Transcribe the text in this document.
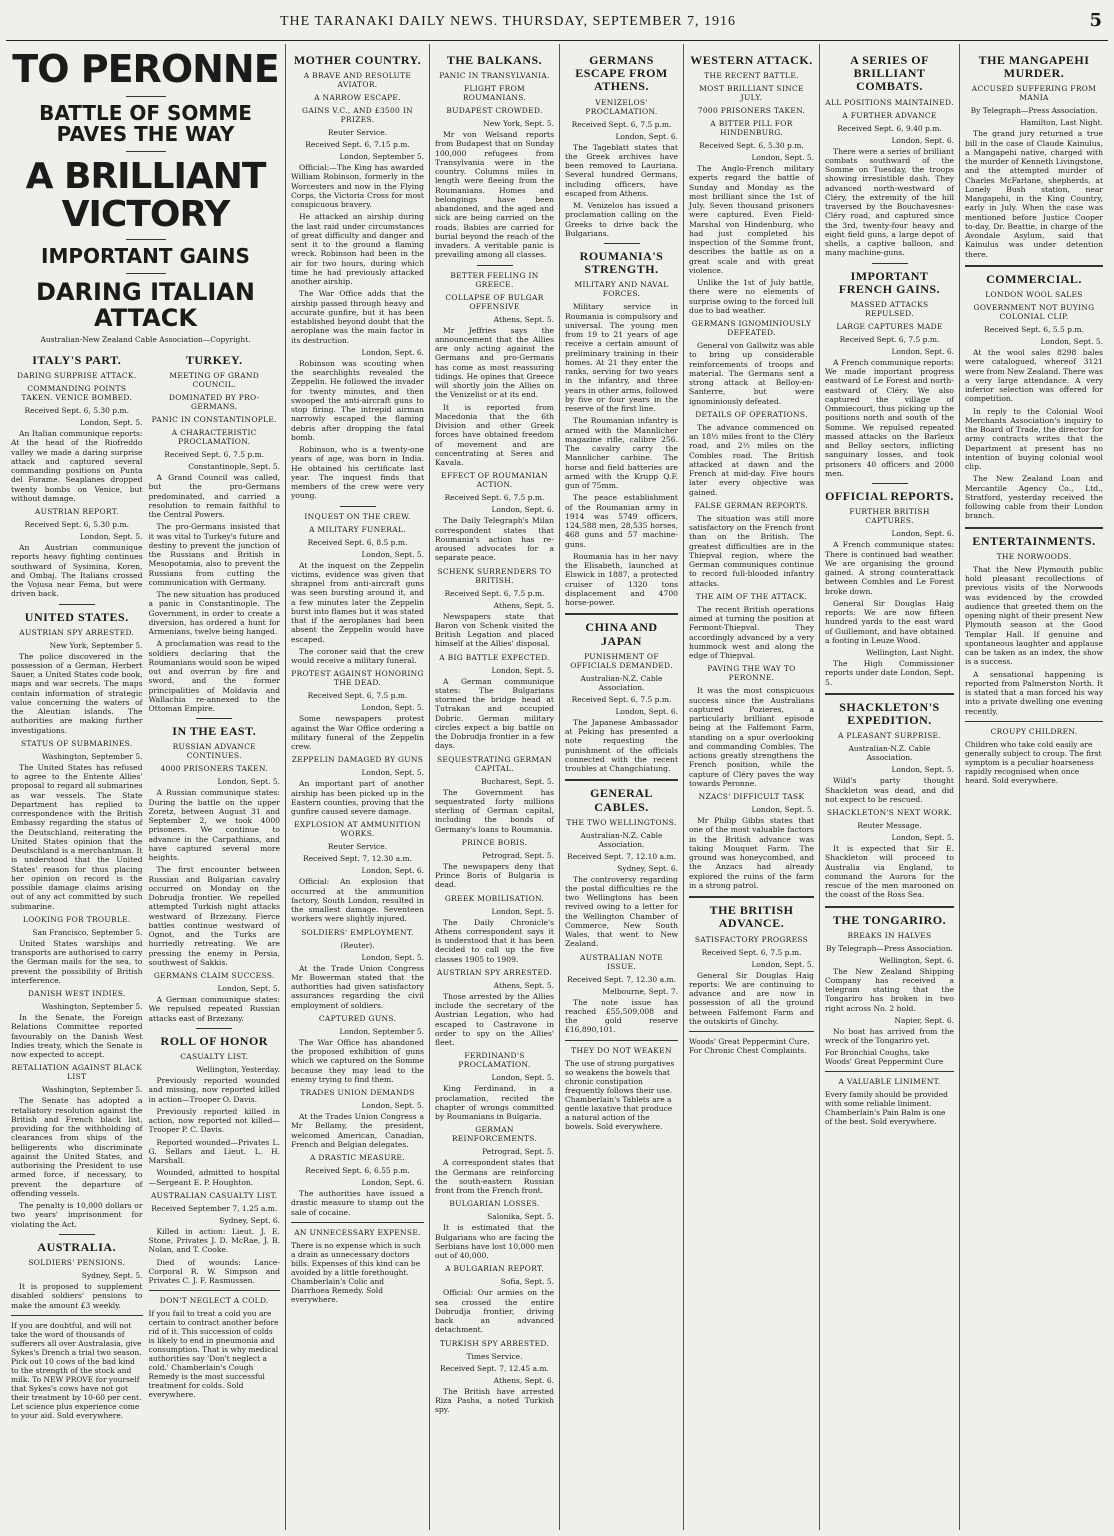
THE TARANAKI DAILY NEWS. THURSDAY, SEPTEMBER 7, 1916	5
TO PERONNE
BATTLE OF SOMME PAVES THE WAY
A BRILLIANT VICTORY
IMPORTANT GAINS
DARING ITALIAN ATTACK
Australian-New Zealand Cable Association—Copyright.
ITALY'S PART.
DARING SURPRISE ATTACK.
COMMANDING POINTS TAKEN. VENICE BOMBED.
Received Sept. 6, 5.30 p.m.
London, Sept. 5.

An Italian communique reports: At the head of the Riofreddo valley we made a daring surprise attack and captured several commanding positions on Punta del Forame. Seaplanes dropped twenty bombs on Venice, but without damage.

AUSTRIAN REPORT.
Received Sept. 6, 5.30 p.m.
London, Sept. 5.

An Austrian communique reports heavy fighting continues southward of Sysimina, Koren, and Ombaj. The Italians crossed the Vojusa near Fema, but were driven back.

UNITED STATES.
AUSTRIAN SPY ARRESTED.
New York, September 5.

The police discovered in the possession of a German, Herbert Sauer, a United States code book, maps and war secrets. The maps contain information of strategic value concerning the waters of the Aleutian islands. The authorities are making further investigations.

STATUS OF SUBMARINES.
Washington, September 5.

The United States has refused to agree to the Entente Allies' proposal to regard all submarines as war vessels. The State Department has replied to correspondence with the British Embassy regarding the status of the Deutschland, reiterating the United States opinion that the Deutschland is a merchantman. It is understood that the United States' reason for thus placing her opinion on record is the possible damage claims arising out of any act committed by such submarine.

LOOKING FOR TROUBLE.
San Francisco, September 5.

United States warships and transports are authorised to carry the German mails for the sea, to prevent the possibility of British interference.

DANISH WEST INDIES.
Washington, September 5.

In the Senate, the Foreign Relations Committee reported favourably on the Danish West Indies treaty, which the Senate is now expected to accept.

RETALIATION AGAINST BLACK LIST
Washington, September 5.

The Senate has adopted a retaliatory resolution against the British and French black list, providing for the withholding of clearances from ships of the belligerents who discriminate against the United States, and authorising the President to use armed force, if necessary, to prevent the departure of offending vessels.

The penalty is 10,000 dollars or two years' imprisonment for violating the Act.

AUSTRALIA.
SOLDIERS' PENSIONS.
Sydney, Sept. 5.

It is proposed to supplement disabled soldiers' pensions to make the amount £3 weekly.

If you are doubtful, and will not take the word of thousands of sufferers all over Australasia, give Sykes's Drench a trial two season. Pick out 10 cows of the bad kind to the strength of the stock and milk. To NEW PROVE for yourself that Sykes's cows have not got their treatment by 10-60 per cent. Let science plus experience come to your aid. Sold everywhere.

TURKEY.
MEETING OF GRAND COUNCIL.
DOMINATED BY PRO-GERMANS.
PANIC IN CONSTANTINOPLE.
A CHARACTERISTIC PROCLAMATION.
Received Sept. 6, 7.5 p.m.
Constantinople, Sept. 5.

A Grand Council was called, but the pro-Germans predominated, and carried a resolution to remain faithful to the Central Powers.

The pro-Germans insisted that it was vital to Turkey's future and destiny to prevent the junction of the Russians and British in Mesopotamia, also to prevent the Russians from cutting the communication with Germany.

The new situation has produced a panic in Constantinople. The Government, in order to create a diversion, has ordered a hunt for Armenians, twelve being hanged.

A proclamation was read to the soldiers declaring that the Roumanians would soon be wiped out and overrun by fire and sword, and the former principalities of Moldavia and Wallachia re-annexed to the Ottoman Empire.

IN THE EAST.
RUSSIAN ADVANCE CONTINUES.
4000 PRISONERS TAKEN.
London, Sept. 5.

A Russian communique states: During the battle on the upper Zoretz, between August 31 and September 2, we took 4000 prisoners. We continue to advance in the Carpathians, and have captured several more heights.

The first encounter between Russian and Bulgarian cavalry occurred on Monday on the Dobrudja frontier. We repelled attempted Turkish night attacks westward of Brzezany. Fierce battles continue westward of Ognot, and the Turks are hurriedly retreating. We are pressing the enemy in Persia, southwest of Sakkis.

GERMANS CLAIM SUCCESS.
London, Sept. 5.

A German communique states: We repulsed repeated Russian attacks east of Brzezany.

ROLL OF HONOR
CASUALTY LIST.
Wellington, Yesterday.

Previously reported wounded and missing, now reported killed in action—Trooper O. Davis.

Previously reported killed in action, now reported not killed—Trooper P. C. Davis.

Reported wounded—Privates L. G. Sellars and Lieut. L. H. Marshall.

Wounded, admitted to hospital—Sergeant E. P. Houghton.

AUSTRALIAN CASUALTY LIST.
Received September 7, 1.25 a.m.
Sydney, Sept. 6.

Killed in action: Lieut. J. E. Stone, Privates J. D. McRae, J. B. Nolan, and T. Cooke.

Died of wounds: Lance-Corporal R. W. Simpson and Privates C. J. F. Rasmussen.

DON'T NEGLECT A COLD.

If you fail to treat a cold you are certain to contract another before rid of it. This succession of colds is likely to end in pneumonia and consumption. That is why medical authorities say 'Don't neglect a cold.' Chamberlain's Cough Remedy is the most successful treatment for colds. Sold everywhere.

MOTHER COUNTRY.
A BRAVE AND RESOLUTE AVIATOR.
A NARROW ESCAPE.
GAINS V.C., AND £3500 IN PRIZES.
Reuter Service.
Received Sept. 6, 7.15 p.m.
London, September 5.

Official:—The King has awarded William Robinson, formerly in the Worcesters and now in the Flying Corps, the Victoria Cross for most conspicuous bravery.

He attacked an airship during the last raid under circumstances of great difficulty and danger and sent it to the ground a flaming wreck. Robinson had been in the air for two hours, during which time he had previously attacked another airship.

The War Office adds that the airship passed through heavy and accurate gunfire, but it has been established beyond doubt that the aeroplane was the main factor in its destruction.

London, Sept. 6.

Robinson was scouting when the searchlights revealed the Zeppelin. He followed the invader for twenty minutes, and then swooped the anti-aircraft guns to stop firing. The intrepid airman narrowly escaped the flaming debris after dropping the fatal bomb.

Robinson, who is a twenty-one years of age, was born in India. He obtained his certificate last year. The inquest finds that members of the crew were very young.

INQUEST ON THE CREW.
A MILITARY FUNERAL.
Received Sept. 6, 8.5 p.m.
London, Sept. 5.

At the inquest on the Zeppelin victims, evidence was given that shrapnel from anti-aircraft guns was seen bursting around it, and a few minutes later the Zeppelin burst into flames but it was stated that if the aeroplanes had been absent the Zeppelin would have escaped.

The coroner said that the crew would receive a military funeral.

PROTEST AGAINST HONORING THE DEAD.
Received Sept. 6, 7.5 p.m.
London, Sept. 5.

Some newspapers protest against the War Office ordering a military funeral of the Zeppelin crew.

ZEPPELIN DAMAGED BY GUNS
London, Sept. 5.

An important part of another airship has been picked up in the Eastern counties, proving that the gunfire caused severe damage.

EXPLOSION AT AMMUNITION WORKS.
Reuter Service.
Received Sept. 7, 12.30 a.m.
London, Sept. 6.

Official: An explosion that occurred at the ammunition factory, South London, resulted in the smallest damage. Seventeen workers were slightly injured.

SOLDIERS' EMPLOYMENT.
(Reuter).
London, Sept. 5.

At the Trade Union Congress Mr Bowerman stated that the authorities had given satisfactory assurances regarding the civil employment of soldiers.

CAPTURED GUNS.
London, September 5.

The War Office has abandoned the proposed exhibition of guns which we captured on the Somme because they may lead to the enemy trying to find them.

TRADES UNION DEMANDS
London, Sept. 5.

At the Trades Union Congress a Mr Bellamy, the president, welcomed American, Canadian, French and Belgian delegates.

A DRASTIC MEASURE.
Received Sept. 6, 6.55 p.m.
London, Sept. 6.

The authorities have issued a drastic measure to stamp out the sale of cocaine.

AN UNNECESSARY EXPENSE.

There is no expense which is such a drain as unnecessary doctors bills. Expenses of this kind can be avoided by a little forethought. Chamberlain's Colic and Diarrhoea Remedy. Sold everywhere.

THE BALKANS.
PANIC IN TRANSYLVANIA.
FLIGHT FROM ROUMANIANS.
BUDAPEST CROWDED.
New York, Sept. 5.

Mr von Welsand reports from Budapest that on Sunday 100,000 refugees from Transylvania were in the country. Columns miles in length were fleeing from the Roumanians. Homes and belongings have been abandoned, and the aged and sick are being carried on the roads. Babies are carried for burial beyond the reach of the invaders. A veritable panic is prevailing among all classes.

BETTER FEELING IN GREECE.
COLLAPSE OF BULGAR OFFENSIVE
Athens, Sept. 5.

Mr Jeffries says the announcement that the Allies are only acting against the Germans and pro-Germans has come as most reassuring tidings. He opines that Greece will shortly join the Allies on the Venizelist or at its end.

It is reported from Macedonia that the 6th Division and other Greek forces have obtained freedom of movement and are concentrating at Seres and Kavala.

EFFECT OF ROUMANIAN ACTION.
Received Sept. 6, 7.5 p.m.
London, Sept. 6.

The Daily Telegraph's Milan correspondent states that Roumania's action has re-aroused advocates for a separate peace.

SCHENK SURRENDERS TO BRITISH.
Received Sept. 6, 7.5 p.m.
Athens, Sept. 5.

Newspapers state that Baron von Schenk visited the British Legation and placed himself at the Allies' disposal.

A BIG BATTLE EXPECTED.
London, Sept. 5.

A German communique states: The Bulgarians stormed the bridge head at Tutrakan and occupied Dobric. German military circles expect a big battle on the Dobrudja frontier in a few days.

SEQUESTRATING GERMAN CAPITAL.
Bucharest, Sept. 5.

The Government has sequestrated forty millions sterling of German capital, including the bonds of Germany's loans to Roumania.

PRINCE BORIS.
Petrograd, Sept. 5.

The newspapers deny that Prince Boris of Bulgaria is dead.

GREEK MOBILISATION.
London, Sept. 5.

The Daily Chronicle's Athens correspondent says it is understood that it has been decided to call up the five classes 1905 to 1909.

AUSTRIAN SPY ARRESTED.
Athens, Sept. 5.

Those arrested by the Allies include the secretary of the Austrian Legation, who had escaped to Castravone in order to spy on the Allies' fleet.

FERDINAND'S PROCLAMATION.
London, Sept. 5.

King Ferdinand, in a proclamation, recited the chapter of wrongs committed by Roumanians in Bulgaria.

GERMAN REINFORCEMENTS.
Petrograd, Sept. 5.

A correspondent states that the Germans are reinforcing the south-eastern Russian front from the French front.

BULGARIAN LOSSES.
Salonika, Sept. 5.

It is estimated that the Bulgarians who are facing the Serbians have lost 10,000 men out of 40,000.

A BULGARIAN REPORT.
Sofia, Sept. 5.

Official: Our armies on the sea crossed the entire Dobrudja frontier, driving back an advanced detachment.

TURKISH SPY ARRESTED.
Times Service.
Received Sept. 7, 12.45 a.m.
Athens, Sept. 6.

The British have arrested Riza Pasha, a noted Turkish spy.

GERMANS ESCAPE FROM ATHENS.
VENIZELOS' PROCLAMATION.
Received Sept. 6, 7.5 p.m.
London, Sept. 6.

The Tageblatt states that the Greek archives have been removed to Lauriana. Several hundred Germans, including officers, have escaped from Athens.

M. Venizelos has issued a proclamation calling on the Greeks to drive back the Bulgarians.

ROUMANIA'S STRENGTH.
MILITARY AND NAVAL FORCES.

Military service in Roumania is compulsory and universal. The young men from 19 to 21 years of age receive a certain amount of preliminary training in their homes. At 21 they enter the ranks, serving for two years in the infantry, and three years in other arms, followed by five or four years in the reserve of the first line.

The Roumanian infantry is armed with the Mannlicher magazine rifle, calibre 256. The cavalry carry the Mannlicher carbine. The horse and field batteries are armed with the Krupp Q.F. gun of 75mm.

The peace establishment of the Roumanian army in 1914 was 5749 officers, 124,588 men, 28,535 horses, 468 guns and 57 machine-guns.

Roumania has in her navy the Elisabeth, launched at Elswick in 1887, a protected cruiser of 1320 tons displacement and 4700 horse-power.

CHINA AND JAPAN
PUNISHMENT OF OFFICIALS DEMANDED.
Australian-N.Z. Cable Association.
Received Sept. 6, 7.5 p.m.
London, Sept. 6.

The Japanese Ambassador at Peking has presented a note requesting the punishment of the officials connected with the recent troubles at Changchiatung.

GENERAL CABLES.
THE TWO WELLINGTONS.
Australian-N.Z. Cable Association.
Received Sept. 7, 12.10 a.m.
Sydney, Sept. 6.

The controversy regarding the postal difficulties re the two Wellingtons has been revived owing to a letter for the Wellington Chamber of Commerce, New South Wales, that went to New Zealand.

AUSTRALIAN NOTE ISSUE.
Received Sept. 7, 12.30 a.m.
Melbourne, Sept. 7.

The note issue has reached £55,509,008 and the gold reserve £16,890,101.

THEY DO NOT WEAKEN

The use of strong purgatives so weakens the bowels that chronic constipation frequently follows their use. Chamberlain's Tablets are a gentle laxative that produce a natural action of the bowels. Sold everywhere.

WESTERN ATTACK.
THE RECENT BATTLE.
MOST BRILLIANT SINCE JULY.
7000 PRISONERS TAKEN.
A BITTER PILL FOR HINDENBURG.
Received Sept. 6, 5.30 p.m.
London, Sept. 5.

The Anglo-French military experts regard the battle of Sunday and Monday as the most brilliant since the 1st of July. Seven thousand prisoners were captured. Even Field-Marshal von Hindenburg, who had just completed his inspection of the Somme front, describes the battle as on a great scale and with great violence.

Unlike the 1st of July battle, there were no elements of surprise owing to the forced lull due to bad weather.

GERMANS IGNOMINIOUSLY DEFEATED.

General von Gallwitz was able to bring up considerable reinforcements of troops and material. The Germans sent a strong attack at Belloy-en-Santerre, but were ignominiously defeated.

DETAILS OF OPERATIONS.

The advance commenced on an 18½ miles front to the Cléry road, and 2½ miles on the Combles road. The British attacked at dawn and the French at mid-day. Five hours later every objective was gained.

FALSE GERMAN REPORTS.

The situation was still more satisfactory on the French front than on the British. The greatest difficulties are in the Thiepval region, where the German communiques continue to record full-blooded infantry attacks.

THE AIM OF THE ATTACK.

The recent British operations aimed at turning the position at Fermont-Thiepval. They accordingly advanced by a very hummock west and along the edge of Thiepval.

PAVING THE WAY TO PERONNE.

It was the most conspicuous success since the Australians captured Pozieres, a particularly brilliant episode being at the Falfemont Farm, standing on a spur overlooking and commanding Combles. The actions greatly strengthens the French position, while the capture of Cléry paves the way towards Peronne.

NZACS' DIFFICULT TASK
London, Sept. 5.

Mr Philip Gibbs states that one of the most valuable factors in the British advance was taking Mouquet Farm. The ground was honeycombed, and the Anzacs had already explored the ruins of the farm in a strong patrol.

THE BRITISH ADVANCE.
SATISFACTORY PROGRESS
Received Sept. 6, 7.5 p.m.
London, Sept. 5.

General Sir Douglas Haig reports: We are continuing to advance and are now in possession of all the ground between Falfemont Farm and the outskirts of Ginchy.

Woods' Great Peppermint Cure. For Chronic Chest Complaints.

A SERIES OF BRILLIANT COMBATS.
ALL POSITIONS MAINTAINED.
A FURTHER ADVANCE
Received Sept. 6, 9.40 p.m.
London, Sept. 6.

There were a series of brilliant combats southward of the Somme on Tuesday, the troops showing irresistible dash. They advanced north-westward of Cléry, the extremity of the hill traversed by the Bouchavesnes-Cléry road, and captured since the 3rd, twenty-four heavy and eight field guns, a large depot of shells, a captive balloon, and many machine-guns.

IMPORTANT FRENCH GAINS.
MASSED ATTACKS REPULSED.
LARGE CAPTURES MADE
Received Sept. 6, 7.5 p.m.
London, Sept. 6.

A French communique reports: We made important progress eastward of Le Forest and north-eastward of Cléry. We also captured the village of Ommiecourt, thus picking up the positions north and south of the Somme. We repulsed repeated massed attacks on the Barleux and Belloy sectors, inflicting sanguinary losses, and took prisoners 40 officers and 2000 men.

OFFICIAL REPORTS.
FURTHER BRITISH CAPTURES.
London, Sept. 6.

A French communique states: There is continued bad weather. We are organising the ground gained. A strong counterattack between Combles and Le Forest broke down.

General Sir Douglas Haig reports: We are now fifteen hundred yards to the east ward of Guillemont, and have obtained a footing in Leuze Wood.

Wellington, Last Night.

The High Commissioner reports under date London, Sept. 5.

SHACKLETON'S EXPEDITION.
A PLEASANT SURPRISE.
Australian-N.Z. Cable Association.
London, Sept. 5.

Wild's party thought Shackleton was dead, and did not expect to be rescued.

SHACKLETON'S NEXT WORK.
Reuter Message.
London, Sept. 5.

It is expected that Sir E. Shackleton will proceed to Australia via England, to command the Aurora for the rescue of the men marooned on the coast of the Ross Sea.

THE TONGARIRO.
BREAKS IN HALVES
By Telegraph—Press Association.
Wellington, Sept. 6.

The New Zealand Shipping Company has received a telegram stating that the Tongariro has broken in two right across No. 2 hold.

Napier, Sept. 6.

No boat has arrived from the wreck of the Tongariro yet.

For Bronchial Coughs, take Woods' Great Peppermint Cure

A VALUABLE LINIMENT.

Every family should be provided with some reliable liniment. Chamberlain's Pain Balm is one of the best. Sold everywhere.

THE MANGAPEHI MURDER.
ACCUSED SUFFERING FROM MANIA
By Telegraph—Press Association.
Hamilton, Last Night.

The grand jury returned a true bill in the case of Claude Kainulus, a Mangapehi native, charged with the murder of Kenneth Livingstone, and the attempted murder of Charles McFarlane, shepherds, at Lonely Bush station, near Mangapehi, in the King Country, early in July. When the case was mentioned before Justice Cooper to-day, Dr. Beattie, in charge of the Avondale Asylum, said that Kainulus was under detention there.

COMMERCIAL.
LONDON WOOL SALES
GOVERNMENT NOT BUYING COLONIAL CLIP.
Received Sept. 6, 5.5 p.m.
London, Sept. 5.

At the wool sales 8298 bales were catalogued, whereof 3121 were from New Zealand. There was a very large attendance. A very inferior selection was offered for competition.

In reply to the Colonial Wool Merchants Association's inquiry to the Board of Trade, the director for army contracts writes that the Department at present has no intention of buying colonial wool clip.

The New Zealand Loan and Mercantile Agency Co., Ltd., Stratford, yesterday received the following cable from their London branch.

ENTERTAINMENTS.
THE NORWOODS.

That the New Plymouth public hold pleasant recollections of previous visits of the Norwoods was evidenced by the crowded audience that greeted them on the opening night of their present New Plymouth season at the Good Templar Hall. If genuine and spontaneous laughter and applause can be taken as an index, the show is a success.

A sensational happening is reported from Palmerston North. It is stated that a man forced his way into a private dwelling one evening recently.

CROUPY CHILDREN.

Children who take cold easily are generally subject to croup. The first symptom is a peculiar hoarseness rapidly recognised when once heard. Sold everywhere.
